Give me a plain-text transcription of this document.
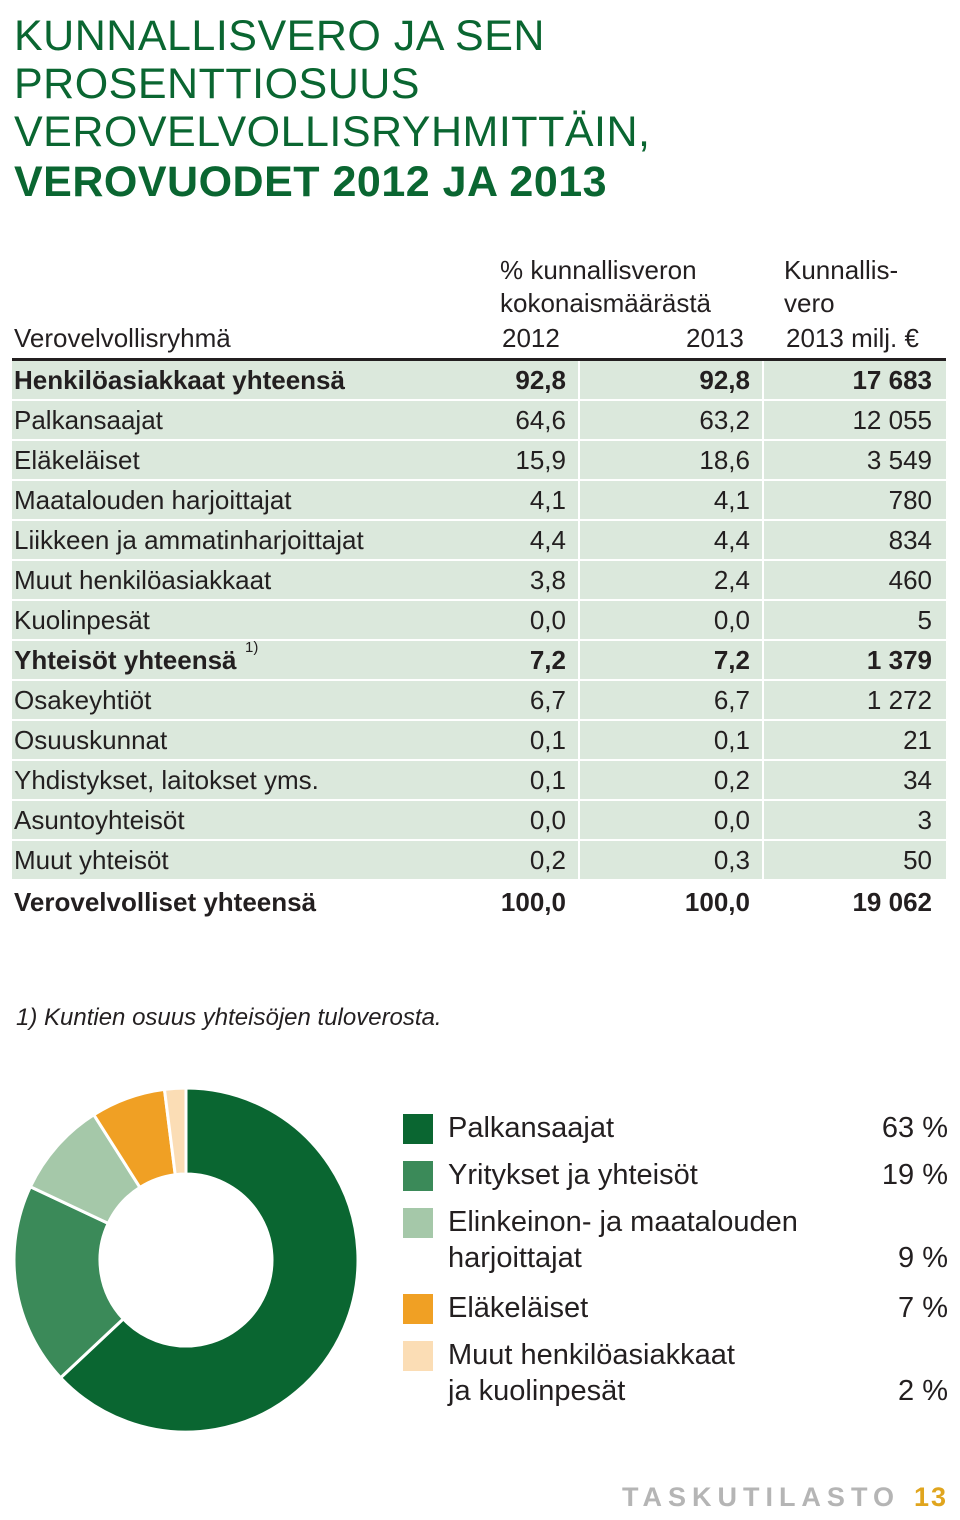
KUNNALLISVERO JA SEN PROSENTTIOSUUS
VEROVELVOLLISRYHMITTÄIN,
VEROVUODET 2012 JA 2013
% kunnallisveron
kokonaismäärästä
Verovelvollisryhmä	2012	2013
Kunnallis-
vero
2013 milj. €
Henkilöasiakkaat yhteensä	92,8	92,8	17 683
Palkansaajat	64,6	63,2	12 055
Eläkeläiset	15,9	18,6	3 549
Maatalouden harjoittajat	4,1	4,1	780
Liikkeen ja ammatinharjoittajat	4,4	4,4	834
Muut henkilöasiakkaat	3,8	2,4	460
Kuolinpesät	0,0	0,0	5
Yhteisöt yhteensä 1)	7,2	7,2	1 379
Osakeyhtiöt	6,7	6,7	1 272
Osuuskunnat	0,1	0,1	21
Yhdistykset, laitokset yms.	0,1	0,2	34
Asuntoyhteisöt	0,0	0,0	3
Muut yhteisöt	0,2	0,3	50
Verovelvolliset yhteensä	100,0	100,0	19 062
1) Kuntien osuus yhteisöjen tuloverosta.
Palkansaajat	63 %
Yritykset ja yhteisöt	19 %
Elinkeinon- ja maatalouden
harjoittajat	9 %
Eläkeläiset	7 %
Muut henkilöasiakkaat
ja kuolinpesät	2 %
TASKUTILASTO 13
